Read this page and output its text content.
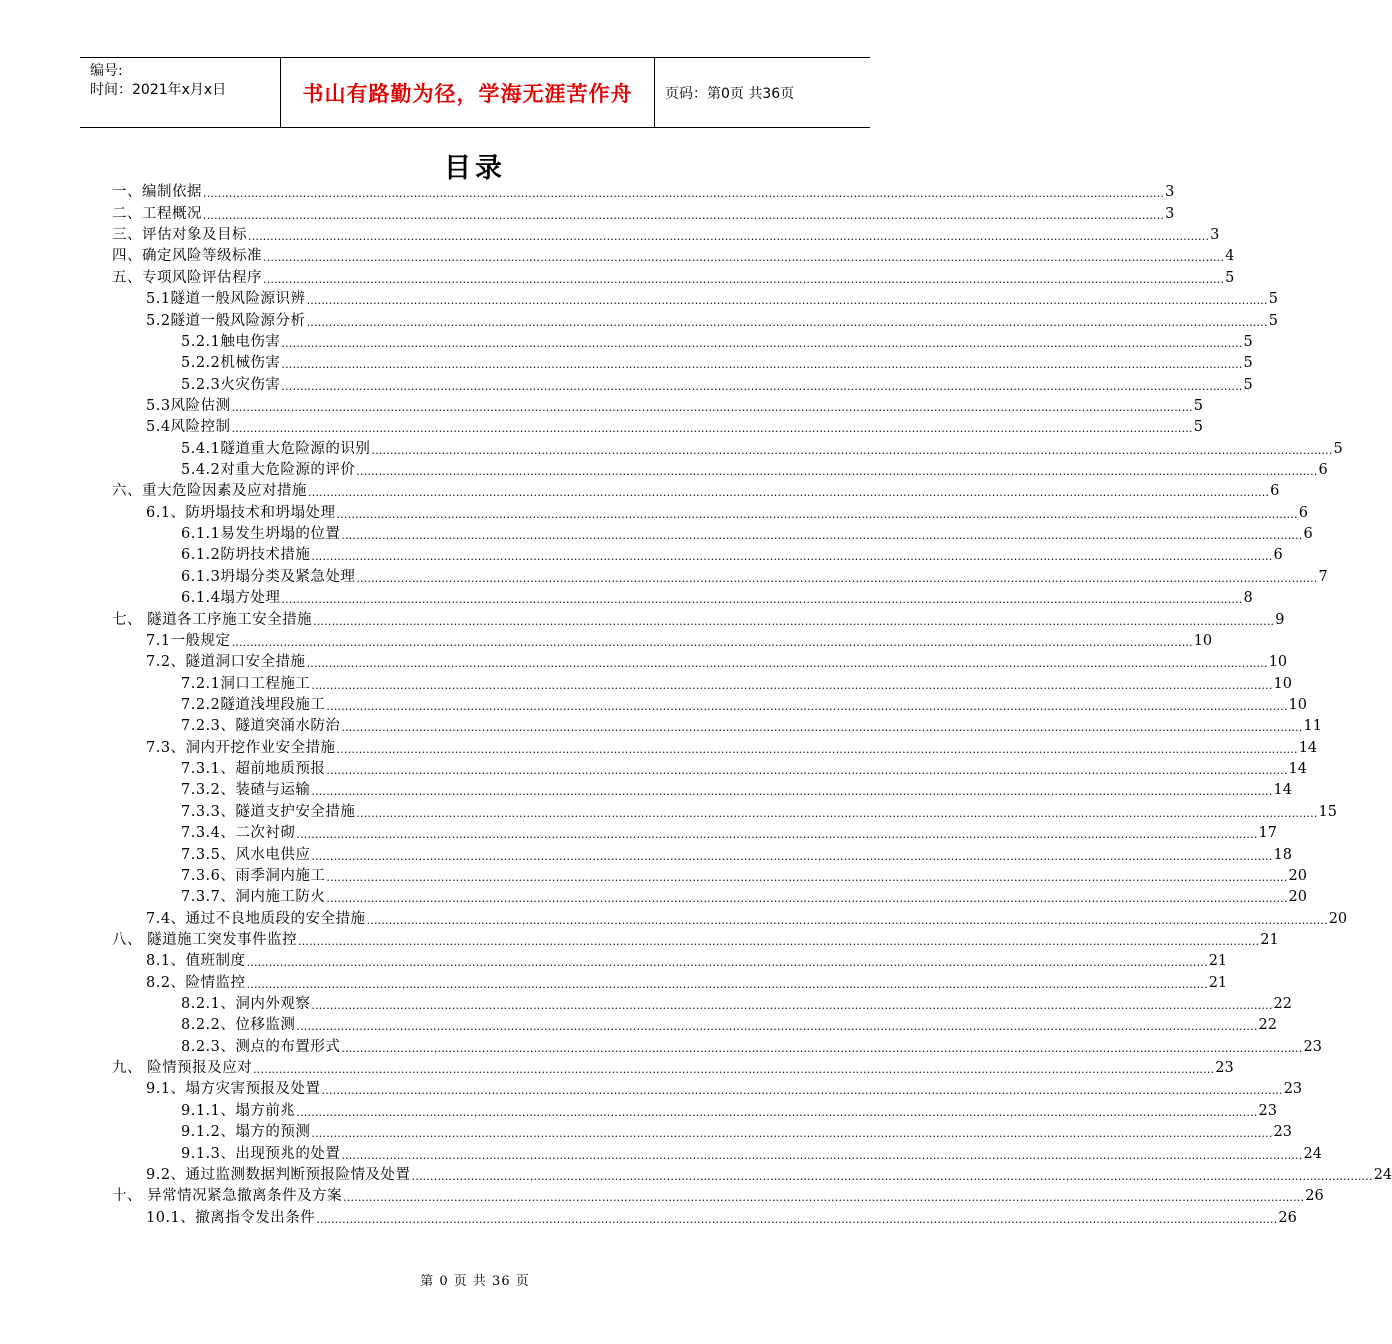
编号:
时间：2021年x月x日	书山有路勤为径，学海无涯苦作舟	页码：第0页 共36页
目录
一、编制依据 .................................................................................................................................................................................................................................................................... 3
二、工程概况 .................................................................................................................................................................................................................................................................... 3
三、评估对象及目标 .................................................................................................................................................................................................................................................................... 3
四、确定风险等级标准 .................................................................................................................................................................................................................................................................... 4
五、专项风险评估程序 .................................................................................................................................................................................................................................................................... 5
5.1隧道一般风险源识辨 .................................................................................................................................................................................................................................................................... 5
5.2隧道一般风险源分析 .................................................................................................................................................................................................................................................................... 5
5.2.1触电伤害 .................................................................................................................................................................................................................................................................... 5
5.2.2机械伤害 .................................................................................................................................................................................................................................................................... 5
5.2.3火灾伤害 .................................................................................................................................................................................................................................................................... 5
5.3风险估测 .................................................................................................................................................................................................................................................................... 5
5.4风险控制 .................................................................................................................................................................................................................................................................... 5
5.4.1隧道重大危险源的识别 .................................................................................................................................................................................................................................................................... 5
5.4.2对重大危险源的评价 .................................................................................................................................................................................................................................................................... 6
六、重大危险因素及应对措施 .................................................................................................................................................................................................................................................................... 6
6.1、防坍塌技术和坍塌处理 .................................................................................................................................................................................................................................................................... 6
6.1.1易发生坍塌的位置 .................................................................................................................................................................................................................................................................... 6
6.1.2防坍技术措施 .................................................................................................................................................................................................................................................................... 6
6.1.3坍塌分类及紧急处理 .................................................................................................................................................................................................................................................................... 7
6.1.4塌方处理 .................................................................................................................................................................................................................................................................... 8
七、 隧道各工序施工安全措施 .................................................................................................................................................................................................................................................................... 9
7.1一般规定 .................................................................................................................................................................................................................................................................... 10
7.2、隧道洞口安全措施 .................................................................................................................................................................................................................................................................... 10
7.2.1洞口工程施工 .................................................................................................................................................................................................................................................................... 10
7.2.2隧道浅埋段施工 .................................................................................................................................................................................................................................................................... 10
7.2.3、隧道突涌水防治 .................................................................................................................................................................................................................................................................... 11
7.3、洞内开挖作业安全措施 .................................................................................................................................................................................................................................................................... 14
7.3.1、超前地质预报 .................................................................................................................................................................................................................................................................... 14
7.3.2、装碴与运输 .................................................................................................................................................................................................................................................................... 14
7.3.3、隧道支护安全措施 .................................................................................................................................................................................................................................................................... 15
7.3.4、二次衬砌 .................................................................................................................................................................................................................................................................... 17
7.3.5、风水电供应 .................................................................................................................................................................................................................................................................... 18
7.3.6、雨季洞内施工 .................................................................................................................................................................................................................................................................... 20
7.3.7、洞内施工防火 .................................................................................................................................................................................................................................................................... 20
7.4、通过不良地质段的安全措施 .................................................................................................................................................................................................................................................................... 20
八、 隧道施工突发事件监控 .................................................................................................................................................................................................................................................................... 21
8.1、值班制度 .................................................................................................................................................................................................................................................................... 21
8.2、险情监控 .................................................................................................................................................................................................................................................................... 21
8.2.1、洞内外观察 .................................................................................................................................................................................................................................................................... 22
8.2.2、位移监测 .................................................................................................................................................................................................................................................................... 22
8.2.3、测点的布置形式 .................................................................................................................................................................................................................................................................... 23
九、 险情预报及应对 .................................................................................................................................................................................................................................................................... 23
9.1、塌方灾害预报及处置 .................................................................................................................................................................................................................................................................... 23
9.1.1、塌方前兆 .................................................................................................................................................................................................................................................................... 23
9.1.2、塌方的预测 .................................................................................................................................................................................................................................................................... 23
9.1.3、出现预兆的处置 .................................................................................................................................................................................................................................................................... 24
9.2、通过监测数据判断预报险情及处置 .................................................................................................................................................................................................................................................................... 24
十、 异常情况紧急撤离条件及方案 .................................................................................................................................................................................................................................................................... 26
10.1、撤离指令发出条件 .................................................................................................................................................................................................................................................................... 26
第 0 页 共 36 页
